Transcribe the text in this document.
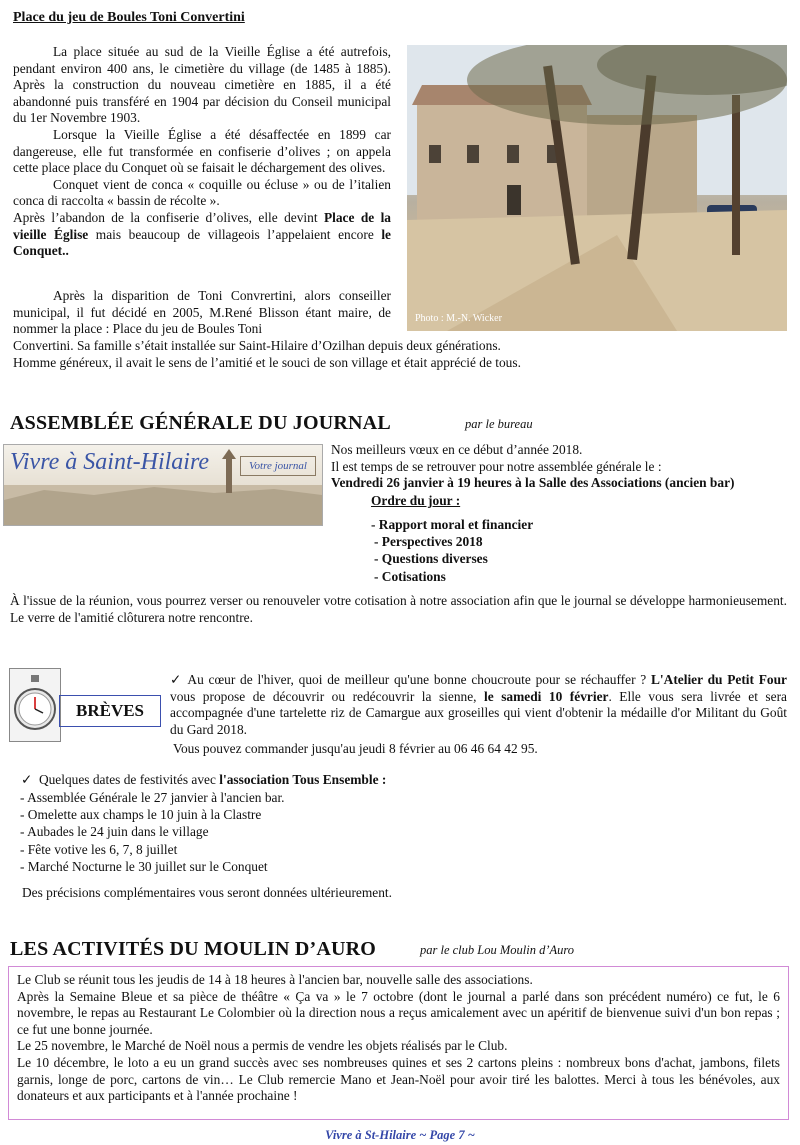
Place du jeu de Boules Toni Convertini

La place située au sud de la Vieille Église a été autrefois, pendant environ 400 ans, le cimetière du village (de 1485 à 1885). Après la construction du nouveau cimetière en 1885, il a été abandonné puis transféré en 1904 par décision du Conseil municipal du 1er Novembre 1903.

Lorsque la Vieille Église a été désaffectée en 1899 car dangereuse, elle fut transformée en confiserie d’olives ; on appela cette place place du Conquet où se faisait le déchargement des olives.

Conquet vient de conca « coquille ou écluse » ou de l’italien conca di raccolta « bassin de récolte ».

Après l’abandon de la confiserie d’olives, elle devint Place de la vieille Église mais beaucoup de villageois l’appelaient encore le Conquet..

Après la disparition de Toni Convrertini, alors conseiller municipal, il fut décidé en 2005, M.René Blisson étant maire, de nommer la place : Place du jeu de Boules Toni
Convertini. Sa famille s’était installée sur Saint-Hilaire d’Ozilhan depuis deux générations.
Homme généreux, il avait le sens de l’amitié et le souci de son village et était apprécié de tous.
Photo : M.-N. Wicker
ASSEMBLÉE GÉNÉRALE DU JOURNAL	par le bureau
Vivre à Saint-Hilaire	Votre journal

Nos meilleurs vœux en ce début d’année 2018.

Il est temps de se retrouver pour notre assemblée générale le :

Vendredi 26 janvier à 19 heures à la Salle des Associations (ancien bar)

Ordre du jour :

- Rapport moral et financier

- Perspectives 2018

- Questions diverses

- Cotisations

À l'issue de la réunion, vous pourrez verser ou renouveler votre cotisation à notre association afin que le journal se développe harmonieusement. Le verre de l'amitié clôturera notre rencontre.
BRÈVES
✓ Au cœur de l'hiver, quoi de meilleur qu'une bonne choucroute pour se réchauffer ? L'Atelier du Petit Four vous propose de découvrir ou redécouvrir la sienne, le samedi 10 février. Elle vous sera livrée et sera accompagnée d'une tartelette riz de Camargue aux groseilles qui vient d'obtenir la médaille d'or Militant du Goût du Gard 2018.
Vous pouvez commander jusqu'au jeudi 8 février au 06 46 64 42 95.
✓ Quelques dates de festivités avec l'association Tous Ensemble :

- Assemblée Générale le 27 janvier à l'ancien bar.

- Omelette aux champs le 10 juin à la Clastre

- Aubades le 24 juin dans le village

- Fête votive les 6, 7, 8 juillet

- Marché Nocturne le 30 juillet sur le Conquet

Des précisions complémentaires vous seront données ultérieurement.
LES ACTIVITÉS DU MOULIN D’AURO	par le club Lou Moulin d’Auro

Le Club se réunit tous les jeudis de 14 à 18 heures à l'ancien bar, nouvelle salle des associations.

Après la Semaine Bleue et sa pièce de théâtre « Ça va » le 7 octobre (dont le journal a parlé dans son précédent numéro) ce fut, le 6 novembre, le repas au Restaurant Le Colombier où la direction nous a reçus amicalement avec un apéritif de bienvenue suivi d'un bon repas ; ce fut une bonne journée.

Le 25 novembre, le Marché de Noël nous a permis de vendre les objets réalisés par le Club.

Le 10 décembre, le loto a eu un grand succès avec ses nombreuses quines et ses 2 cartons pleins : nombreux bons d'achat, jambons, filets garnis, longe de porc, cartons de vin… Le Club remercie Mano et Jean-Noël pour avoir tiré les balottes. Merci à tous les bénévoles, aux donateurs et aux participants et à l'année prochaine !

Vivre à St-Hilaire ~ Page 7 ~
